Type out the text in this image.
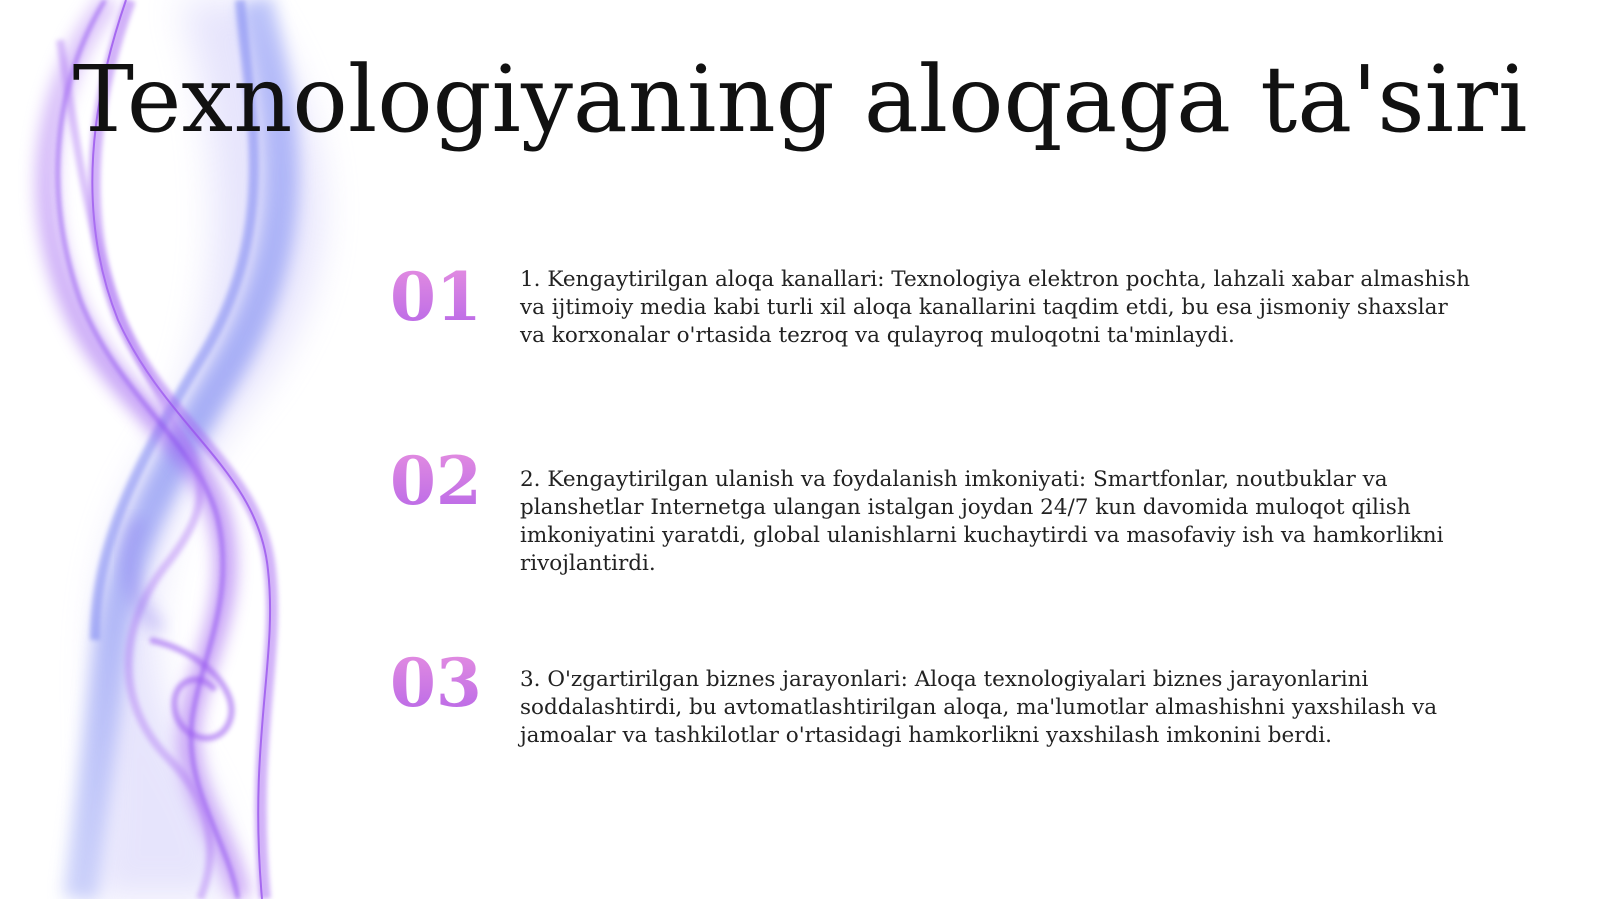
Texnologiyaning aloqaga ta'siri
01 1. Kengaytirilgan aloqa kanallari: Texnologiya elektron pochta, lahzali xabar almashish va ijtimoiy media kabi turli xil aloqa kanallarini taqdim etdi, bu esa jismoniy shaxslar va korxonalar o'rtasida tezroq va qulayroq muloqotni ta'minlaydi.
02 2. Kengaytirilgan ulanish va foydalanish imkoniyati: Smartfonlar, noutbuklar va planshetlar Internetga ulangan istalgan joydan 24/7 kun davomida muloqot qilish imkoniyatini yaratdi, global ulanishlarni kuchaytirdi va masofaviy ish va hamkorlikni rivojlantirdi.
03 3. O'zgartirilgan biznes jarayonlari: Aloqa texnologiyalari biznes jarayonlarini soddalashtirdi, bu avtomatlashtirilgan aloqa, ma'lumotlar almashishni yaxshilash va jamoalar va tashkilotlar o'rtasidagi hamkorlikni yaxshilash imkonini berdi.
